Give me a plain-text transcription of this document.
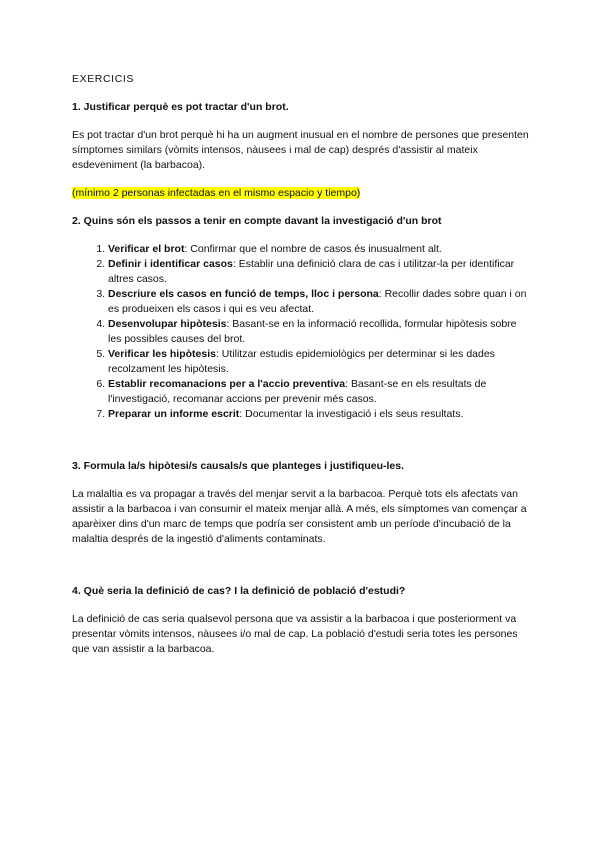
EXERCICIS

1. Justificar perquè es pot tractar d'un brot.

Es pot tractar d'un brot perquè hi ha un augment inusual en el nombre de persones que presenten símptomes similars (vòmits intensos, nàusees i mal de cap) després d'assistir al mateix esdeveniment (la barbacoa).

(mínimo 2 personas infectadas en el mismo espacio y tiempo)

2. Quins són els passos a tenir en compte davant la investigació d'un brot

1. Verificar el brot: Confirmar que el nombre de casos és inusualment alt.
2. Definir i identificar casos: Establir una definició clara de cas i utilitzar-la per identificar altres casos.
3. Descriure els casos en funció de temps, lloc i persona: Recollir dades sobre quan i on es produeixen els casos i qui es veu afectat.
4. Desenvolupar hipòtesis: Basant-se en la informació recollida, formular hipòtesis sobre les possibles causes del brot.
5. Verificar les hipòtesis: Utilitzar estudis epidemiològics per determinar si les dades recolzament les hipòtesis.
6. Establir recomanacions per a l'accio preventiva: Basant-se en els resultats de l'investigació, recomanar accions per prevenir més casos.
7. Preparar un informe escrit: Documentar la investigació i els seus resultats.

3. Formula la/s hipòtesi/s causals/s que planteges i justifiqueu-les.

La malaltia es va propagar a través del menjar servit a la barbacoa. Perquè tots els afectats van assistir a la barbacoa i van consumir el mateix menjar allà. A més, els símptomes van començar a aparèixer dins d'un marc de temps que podría ser consistent amb un període d'incubació de la malaltia després de la ingestió d'aliments contaminats.

4. Què seria la definició de cas? I la definició de població d'estudi?

La definició de cas seria qualsevol persona que va assistir a la barbacoa i que posteriorment va presentar vòmits intensos, nàusees i/o mal de cap. La població d'estudi seria totes les persones que van assistir a la barbacoa.
